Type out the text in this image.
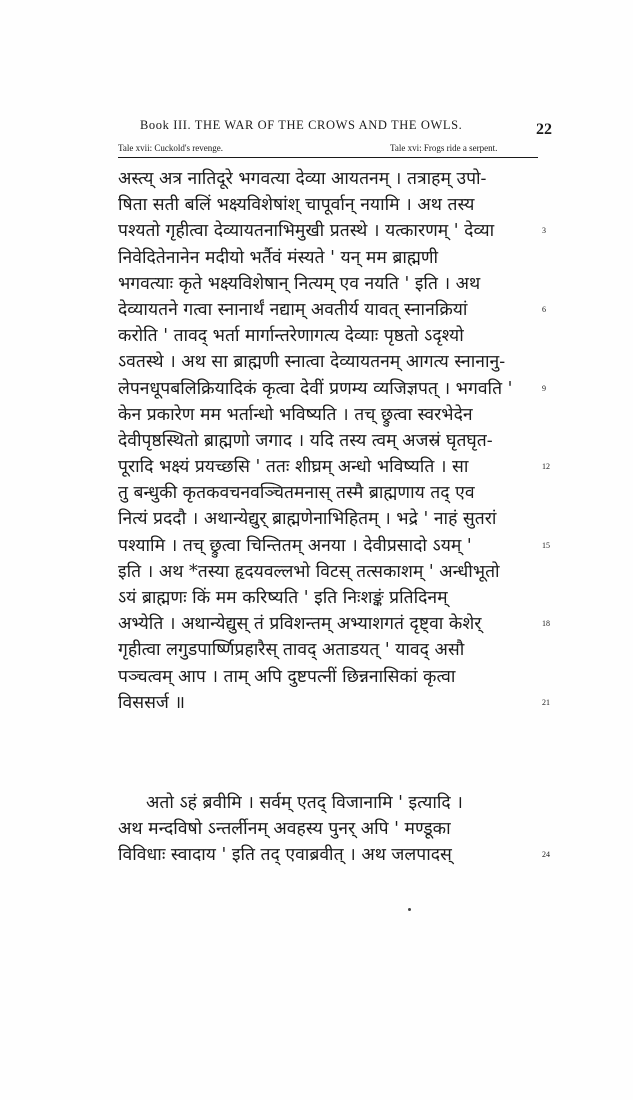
Book III. THE WAR OF THE CROWS AND THE OWLS.	22
Tale xvii: Cuckold's revenge.	Tale xvi: Frogs ride a serpent.
अस्त्य् अत्र नातिदूरे भगवत्या देव्या आयतनम् । तत्राहम् उपो-
षिता सती बलिं भक्ष्यविशेषांश् चापूर्वान् नयामि । अथ तस्य
पश्यतो गृहीत्वा देव्यायतनाभिमुखी प्रतस्थे । यत्कारणम् ' देव्या	3
निवेदितेनानेन मदीयो भर्तैवं मंस्यते ' यन् मम ब्राह्मणी
भगवत्याः कृते भक्ष्यविशेषान् नित्यम् एव नयति ' इति । अथ
देव्यायतने गत्वा स्नानार्थं नद्याम् अवतीर्य यावत् स्नानक्रियां	6
करोति ' तावद् भर्ता मार्गान्तरेणागत्य देव्याः पृष्ठतो ऽदृश्यो
ऽवतस्थे । अथ सा ब्राह्मणी स्नात्वा देव्यायतनम् आगत्य स्नानानु-
लेपनधूपबलिक्रियादिकं कृत्वा देवीं प्रणम्य व्यजिज्ञपत् । भगवति '	9
केन प्रकारेण मम भर्तान्धो भविष्यति । तच् छ्रुत्वा स्वरभेदेन
देवीपृष्ठस्थितो ब्राह्मणो जगाद । यदि तस्य त्वम् अजस्रं घृतघृत-
पूरादि भक्ष्यं प्रयच्छसि ' ततः शीघ्रम् अन्धो भविष्यति । सा	12
तु बन्धुकी कृतकवचनवञ्चितमनास् तस्मै ब्राह्मणाय तद् एव
नित्यं प्रददौ । अथान्येद्युर् ब्राह्मणेनाभिहितम् । भद्रे ' नाहं सुतरां
पश्यामि । तच् छ्रुत्वा चिन्तितम् अनया । देवीप्रसादो ऽयम् '	15
इति । अथ *तस्या हृदयवल्लभो विटस् तत्सकाशम् ' अन्धीभूतो
ऽयं ब्राह्मणः किं मम करिष्यति ' इति निःशङ्कं प्रतिदिनम्
अभ्येति । अथान्येद्युस् तं प्रविशन्तम् अभ्याशगतं दृष्ट्वा केशेर्	18
गृहीत्वा लगुडपार्ष्णिप्रहारैस् तावद् अताडयत् ' यावद् असौ
पञ्चत्वम् आप । ताम् अपि दुष्टपत्नीं छिन्ननासिकां कृत्वा
विससर्ज ॥	21
अतो ऽहं ब्रवीमि । सर्वम् एतद् विजानामि ' इत्यादि ।
अथ मन्दविषो ऽन्तर्लीनम् अवहस्य पुनर् अपि ' मण्डूका
विविधाः स्वादाय ' इति तद् एवाब्रवीत् । अथ जलपादस्	24
